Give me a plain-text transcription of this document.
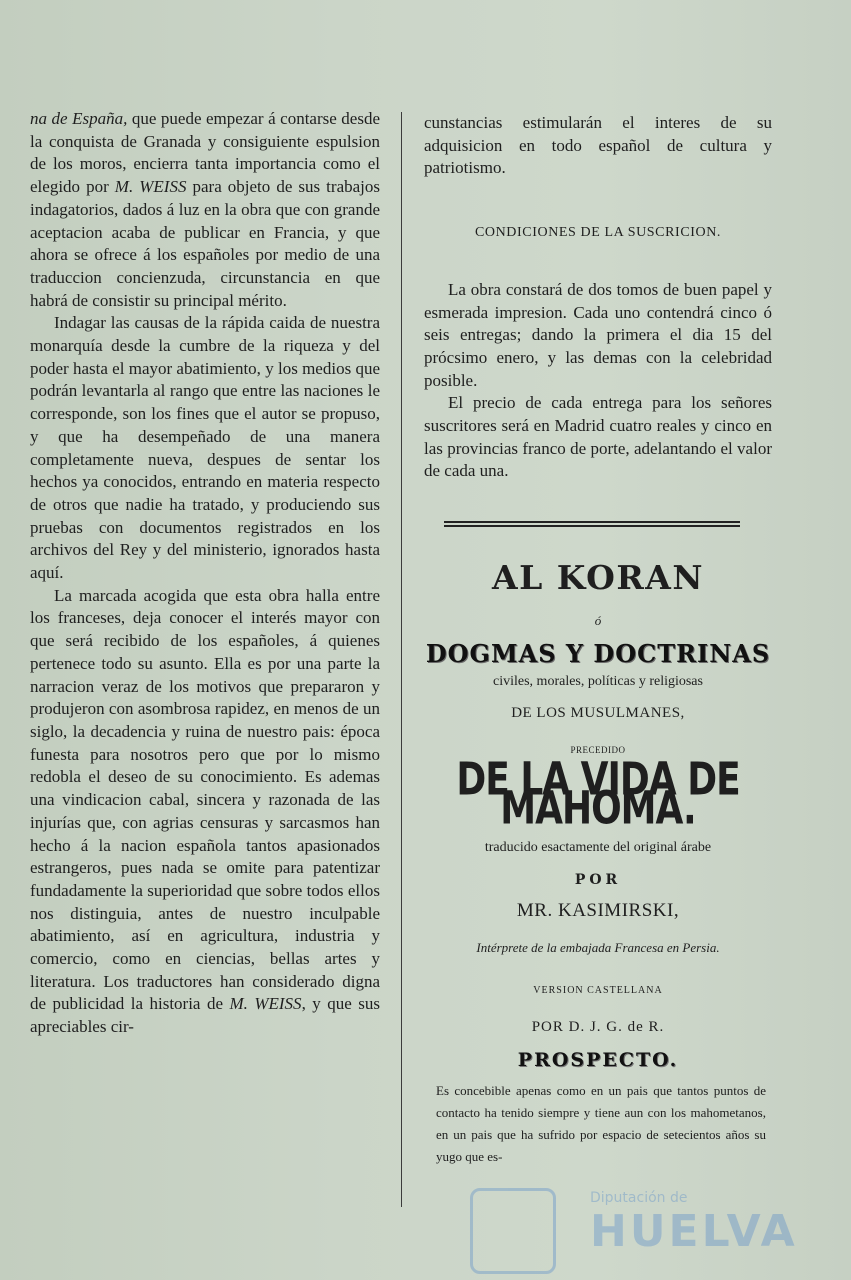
na de España, que puede empezar á contarse desde la conquista de Granada y consiguiente espulsion de los moros, encierra tanta importancia como el elegido por M. WEISS para objeto de sus trabajos indagatorios, dados á luz en la obra que con grande aceptacion acaba de publicar en Francia, y que ahora se ofrece á los españoles por medio de una traduccion concienzuda, circunstancia en que habrá de consistir su principal mérito.

Indagar las causas de la rápida caida de nuestra monarquía desde la cumbre de la riqueza y del poder hasta el mayor abatimiento, y los medios que podrán levantarla al rango que entre las naciones le corresponde, son los fines que el autor se propuso, y que ha desempeñado de una manera completamente nueva, despues de sentar los hechos ya conocidos, entrando en materia respecto de otros que nadie ha tratado, y produciendo sus pruebas con documentos registrados en los archivos del Rey y del ministerio, ignorados hasta aquí.

La marcada acogida que esta obra halla entre los franceses, deja conocer el interés mayor con que será recibido de los españoles, á quienes pertenece todo su asunto. Ella es por una parte la narracion veraz de los motivos que prepararon y produjeron con asombrosa rapidez, en menos de un siglo, la decadencia y ruina de nuestro pais: época funesta para nosotros pero que por lo mismo redobla el deseo de su conocimiento. Es ademas una vindicacion cabal, sincera y razonada de las injurías que, con agrias censuras y sarcasmos han hecho á la nacion española tantos apasionados estrangeros, pues nada se omite para patentizar fundadamente la superioridad que sobre todos ellos nos distinguia, antes de nuestro inculpable abatimiento, así en agricultura, industria y comercio, como en ciencias, bellas artes y literatura. Los traductores han considerado digna de publicidad la historia de M. WEISS, y que sus apreciables cir-

cunstancias estimularán el interes de su adquisicion en todo español de cultura y patriotismo.

CONDICIONES DE LA SUSCRICION.

La obra constará de dos tomos de buen papel y esmerada impresion. Cada uno contendrá cinco ó seis entregas; dando la primera el dia 15 del prócsimo enero, y las demas con la celebridad posible.

El precio de cada entrega para los señores suscritores será en Madrid cuatro reales y cinco en las provincias franco de porte, adelantando el valor de cada una.

AL KORAN
ó
DOGMAS Y DOCTRINAS
civiles, morales, políticas y religiosas
DE LOS MUSULMANES,
PRECEDIDO
DE LA VIDA DE MAHOMA.
traducido esactamente del original árabe
POR
MR. KASIMIRSKI,
Intérprete de la embajada Francesa en Persia.
VERSION CASTELLANA
POR D. J. G. de R.
PROSPECTO.

Es concebible apenas como en un pais que tantos puntos de contacto ha tenido siempre y tiene aun con los mahometanos, en un pais que ha sufrido por espacio de setecientos años su yugo que es-

Diputación de
HUELVA
